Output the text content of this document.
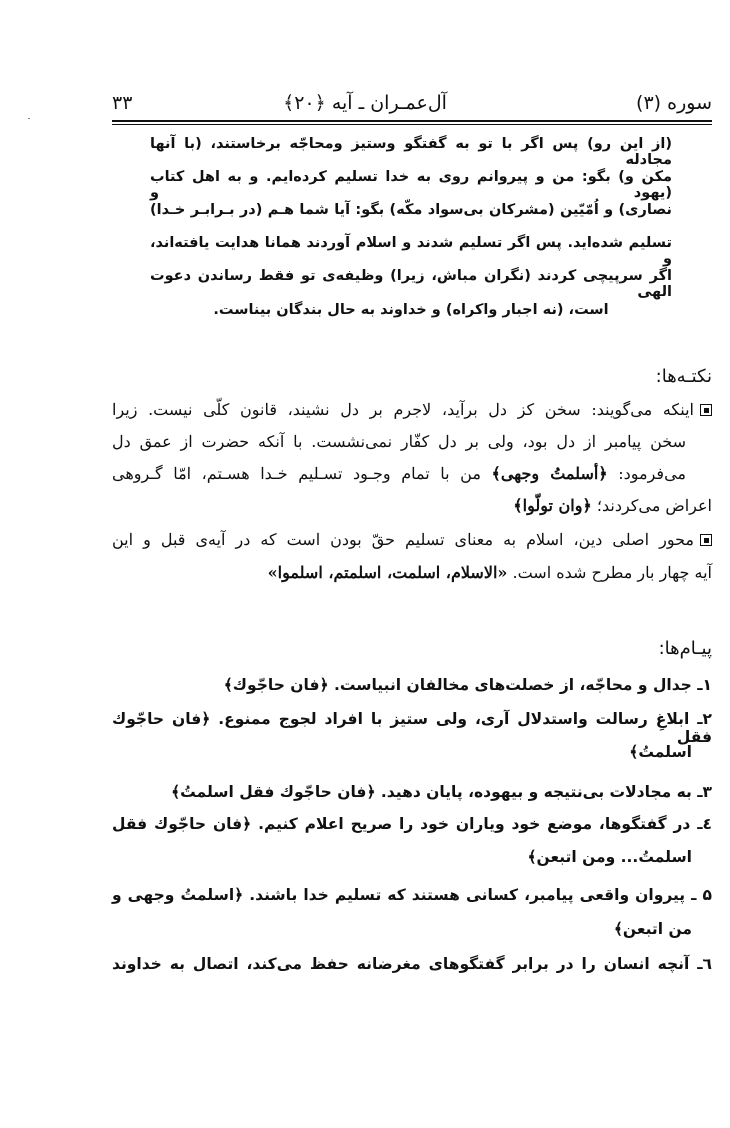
سوره (۳)
آل‌عمـران ـ آیه ﴿۲۰﴾
۳۳
(از این رو) پس اگر با تو به گفتگو وستیز ومحاجّه برخاستند، (با آنها مجادله
مکن و) بگو: من و پیروانم روی به خدا تسلیم کرده‌ایم. و به اهل کتاب (یهود و
نصاری) و اُمّیّین (مشرکان بی‌سواد مکّه) بگو: آیا شما هـم (در بـرابـر خـدا)
تسلیم شده‌اید. پس اگر تسلیم شدند و اسلام آوردند همانا هدایت یافته‌اند، و
اگر سرپیچی کردند (نگران مباش، زیرا) وظیفه‌ی تو فقط رساندن دعوت الهی
است، (نه اجبار واکراه) و خداوند به حال بندگان بیناست.
نکتـه‌ها:
اینکه می‌گویند: سخن کز دل برآید، لاجرم بر دل نشیند، قانون کلّی نیست. زیرا
سخن پیامبر از دل بود، ولی بر دل کفّار نمی‌نشست. با آنکه حضرت از عمق دل
می‌فرمود: ﴿أسلمتُ وجهی﴾ من با تمام وجـود تسـلیم خـدا هسـتم، امّا گـروهی
اعراض می‌کردند؛ ﴿وان تولّوا﴾
محور اصلی دین، اسلام به معنای تسلیم حقّ بودن است که در آیه‌ی قبل و این
آیه چهار بار مطرح شده است. «الاسلام، اسلمت، اسلمتم، اسلموا»
پیـام‌ها:
۱ـ جدال و محاجّه، از خصلت‌های مخالفان انبیاست. ﴿فان حاجّوك﴾
۲ـ ابلاغِ رسالت واستدلال آری، ولی ستیز با افراد لجوج ممنوع. ﴿فان حاجّوك فقل
اسلمتُ﴾
۳ـ به مجادلات بی‌نتیجه و بیهوده، پایان دهید. ﴿فان حاجّوك فقل اسلمتُ﴾
٤ـ در گفتگوها، موضع خود ویاران خود را صریح اعلام کنیم. ﴿فان حاجّوك فقل
اسلمتُ... ومن اتبعن﴾
۵ ـ پیروان واقعی پیامبر، کسانی هستند که تسلیم خدا باشند. ﴿اسلمتُ وجهی و
من اتبعن﴾
٦ـ آنچه انسان را در برابر گفتگوهای مغرضانه حفظ می‌کند، اتصال به خداوند
